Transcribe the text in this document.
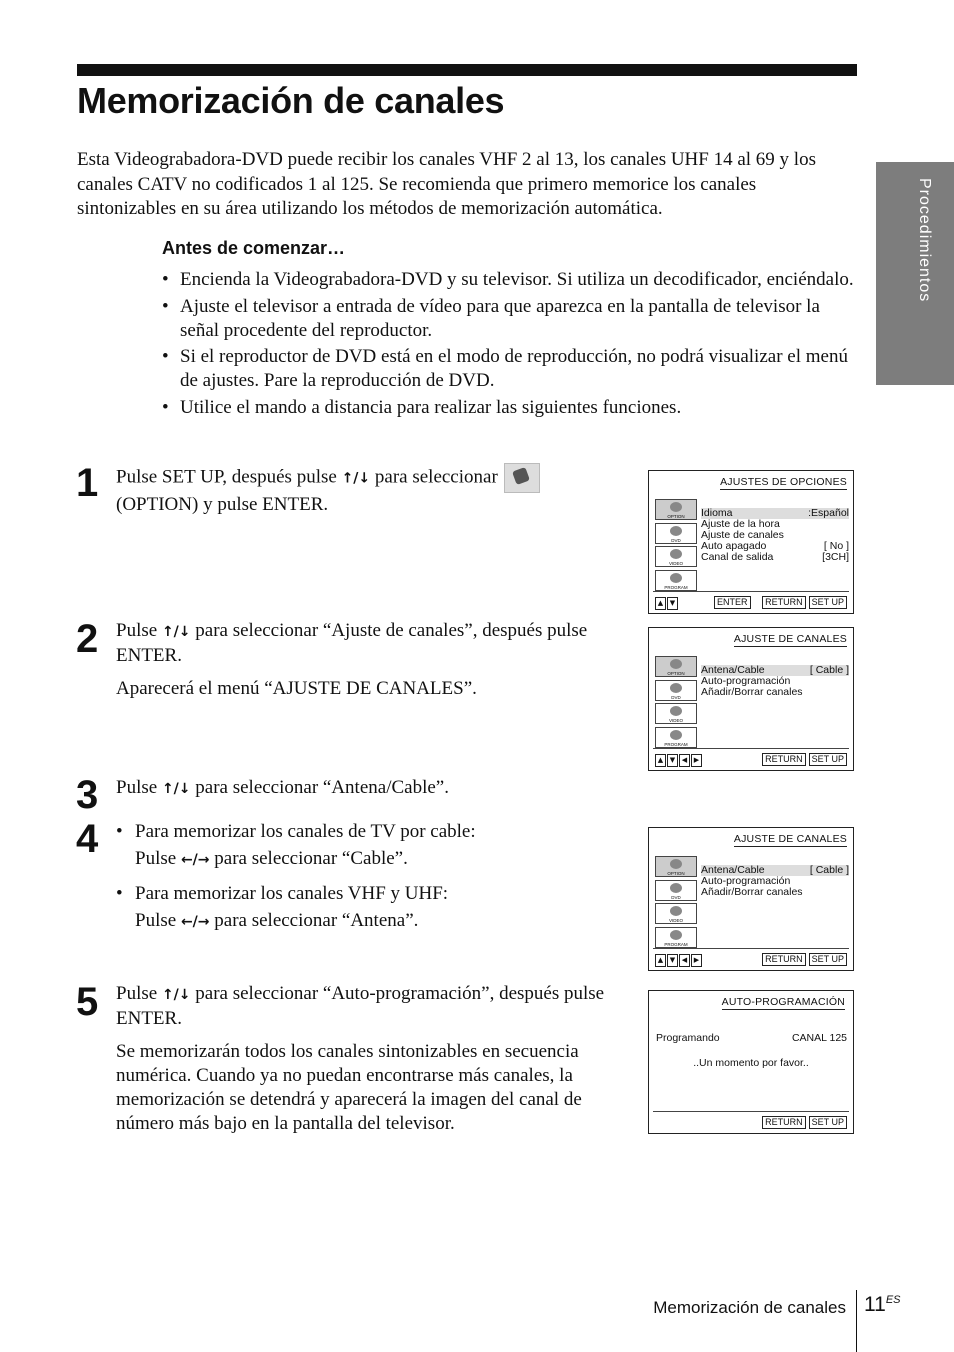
Memorización de canales

Esta Videograbadora-DVD puede recibir los canales VHF 2 al 13, los canales UHF 14 al 69 y los canales CATV no codificados 1 al 125. Se recomienda que primero memorice los canales sintonizables en su área utilizando los métodos de memorización automática.	Procedimientos
Antes de comenzar…
• Encienda la Videograbadora-DVD y su televisor. Si utiliza un decodificador, enciéndalo.
• Ajuste el televisor a entrada de vídeo para que aparezca en la pantalla de televisor la señal procedente del reproductor.
• Si el reproductor de DVD está en el modo de reproducción, no podrá visualizar el menú de ajustes. Pare la reproducción de DVD.
• Utilice el mando a distancia para realizar las siguientes funciones.
1 Pulse SET UP, después pulse ↑/↓ para seleccionar
(OPTION) y pulse ENTER.

2 Pulse ↑/↓ para seleccionar “Ajuste de canales”, después pulse ENTER.

Aparecerá el menú “AJUSTE DE CANALES”.

3 Pulse ↑/↓ para seleccionar “Antena/Cable”.

4
•	Para memorizar los canales de TV por cable:
Pulse ←/→ para seleccionar “Cable”.
• Para memorizar los canales VHF y UHF:
Pulse ←/→ para seleccionar “Antena”.
5 Pulse ↑/↓ para seleccionar “Auto-programación”, después pulse ENTER.

Se memorizarán todos los canales sintonizables en secuencia numérica. Cuando ya no puedan encontrarse más canales, la memorización se detendrá y aparecerá la imagen del canal de número más bajo en la pantalla del televisor.

AJUSTES DE OPCIONES
OPTION
DVD
VIDEO
PROGRAM
Idioma	:Español
Ajuste de la hora
Ajuste de canales
Auto apagado	[ No ]
Canal de salida	[3CH]
▲ ▼	ENTER	RETURN SET UP
AJUSTE DE CANALES
OPTION
DVD
VIDEO
PROGRAM
Antena/Cable	[ Cable ]
Auto-programación
Añadir/Borrar canales
▲ ▼ ◀ ▶	RETURN SET UP
AJUSTE DE CANALES
OPTION
DVD
VIDEO
PROGRAM
Antena/Cable	[ Cable ]
Auto-programación
Añadir/Borrar canales
▲ ▼ ◀ ▶	RETURN SET UP
AUTO-PROGRAMACIÓN
Programando	CANAL 125
..Un momento por favor..
RETURN SET UP
Memorización de canales $11^{ES}$
